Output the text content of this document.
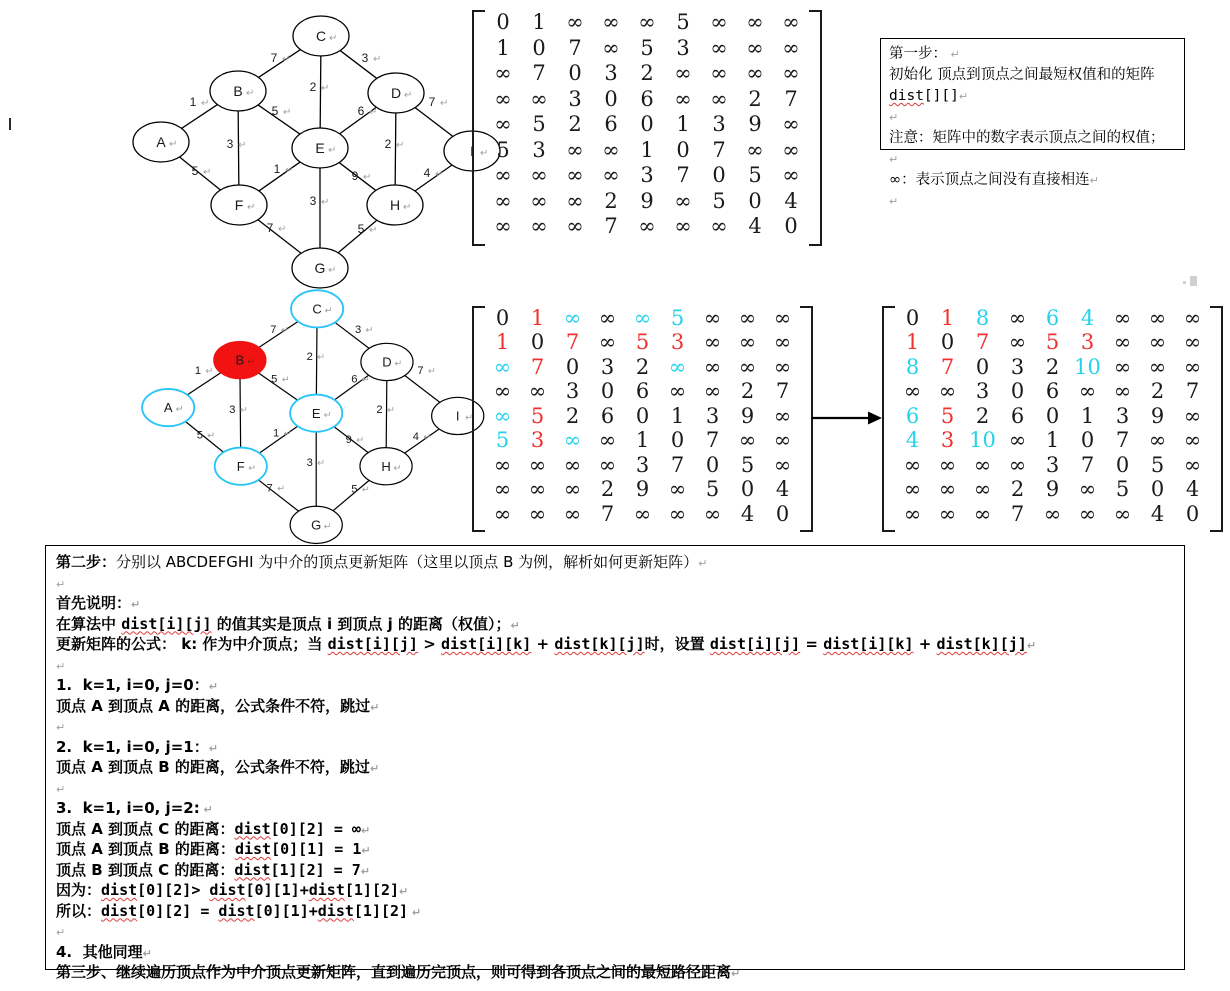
1 ↵
5 ↵
7 ↵
5 ↵
3 ↵
3 ↵
2 ↵
6 ↵
2 ↵
7 ↵
1 ↵
3 ↵
9 ↵
7 ↵	5 ↵
4 ↵
A ↵
B ↵
C ↵
D ↵
E ↵
F ↵
G ↵
H ↵
I ↵
0	1 ∞ ∞ ∞ 5 ∞ ∞ ∞
1	0	7 ∞ 5	3 ∞ ∞ ∞
∞ 7	0	3	2 ∞ ∞ ∞ ∞
∞ ∞ 3	0	6 ∞ ∞ 2	7
∞ 5	2	6	0	1	3	9 ∞
5	3 ∞ ∞ 1	0	7 ∞ ∞
∞ ∞ ∞ ∞ 3	7	0	5 ∞
∞ ∞ ∞ 2	9 ∞ 5	0	4
∞ ∞ ∞ 7 ∞ ∞ ∞ 4	0
第一步： ↵
初始化 顶点到顶点之间最短权值和的矩阵
dist[][]↵
↵
注意：矩阵中的数字表示顶点之间的权值； ↵
∞：表示顶点之间没有直接相连↵
↵
1 ↵
5 ↵
7 ↵
5 ↵
3 ↵
3 ↵
2 ↵
6 ↵
2 ↵
7 ↵
1 ↵
3 ↵
9 ↵
7 ↵	5 ↵
4 ↵
A ↵
B ↵
C ↵
D ↵
E ↵
F ↵
G ↵
H ↵
I ↵
0	1 ∞ ∞ ∞ 5 ∞ ∞ ∞
1	0	7 ∞ 5	3 ∞ ∞ ∞
∞ 7	0	3	2 ∞ ∞ ∞ ∞
∞ ∞ 3	0	6 ∞ ∞ 2	7
∞ 5	2	6	0	1	3	9 ∞
5	3 ∞ ∞ 1	0	7 ∞ ∞
∞ ∞ ∞ ∞ 3	7	0	5 ∞
∞ ∞ ∞ 2	9 ∞ 5	0	4
∞ ∞ ∞ 7 ∞ ∞ ∞ 4	0
0	1	8 ∞ 6	4 ∞ ∞ ∞
1	0	7 ∞ 5	3 ∞ ∞ ∞
8	7	0	3	2 10 ∞ ∞ ∞
∞ ∞ 3	0	6 ∞ ∞ 2	7
6	5	2	6	0	1	3	9 ∞
4	3 10 ∞ 1	0	7 ∞ ∞
∞ ∞ ∞ ∞ 3	7	0	5 ∞
∞ ∞ ∞ 2	9 ∞ 5	0	4
∞ ∞ ∞ 7 ∞ ∞ ∞ 4	0
第二步：分别以 ABCDEFGHI 为中介的顶点更新矩阵（这里以顶点 B 为例，解析如何更新矩阵）↵
↵
首先说明：↵
在算法中 dist[i][j] 的值其实是顶点 i 到顶点 j 的距离（权值）；↵
更新矩阵的公式： k: 作为中介顶点；当 dist[i][j] > dist[i][k] + dist[k][j]时，设置 dist[i][j] = dist[i][k] + dist[k][j]↵
↵
1.  k=1, i=0, j=0：↵
顶点 A 到顶点 A 的距离，公式条件不符，跳过↵
↵
2.  k=1, i=0, j=1：↵
顶点 A 到顶点 B 的距离，公式条件不符，跳过↵
↵
3.  k=1, i=0, j=2: ↵
顶点 A 到顶点 C 的距离：dist[0][2] = ∞↵
顶点 A 到顶点 B 的距离：dist[0][1] = 1↵
顶点 B 到顶点 C 的距离：dist[1][2] = 7↵
因为：dist[0][2]> dist[0][1]+dist[1][2]↵
所以：dist[0][2] = dist[0][1]+dist[1][2] ↵
↵
4.  其他同理↵
第三步、继续遍历顶点作为中介顶点更新矩阵，直到遍历完顶点，则可得到各顶点之间的最短路径距离↵
